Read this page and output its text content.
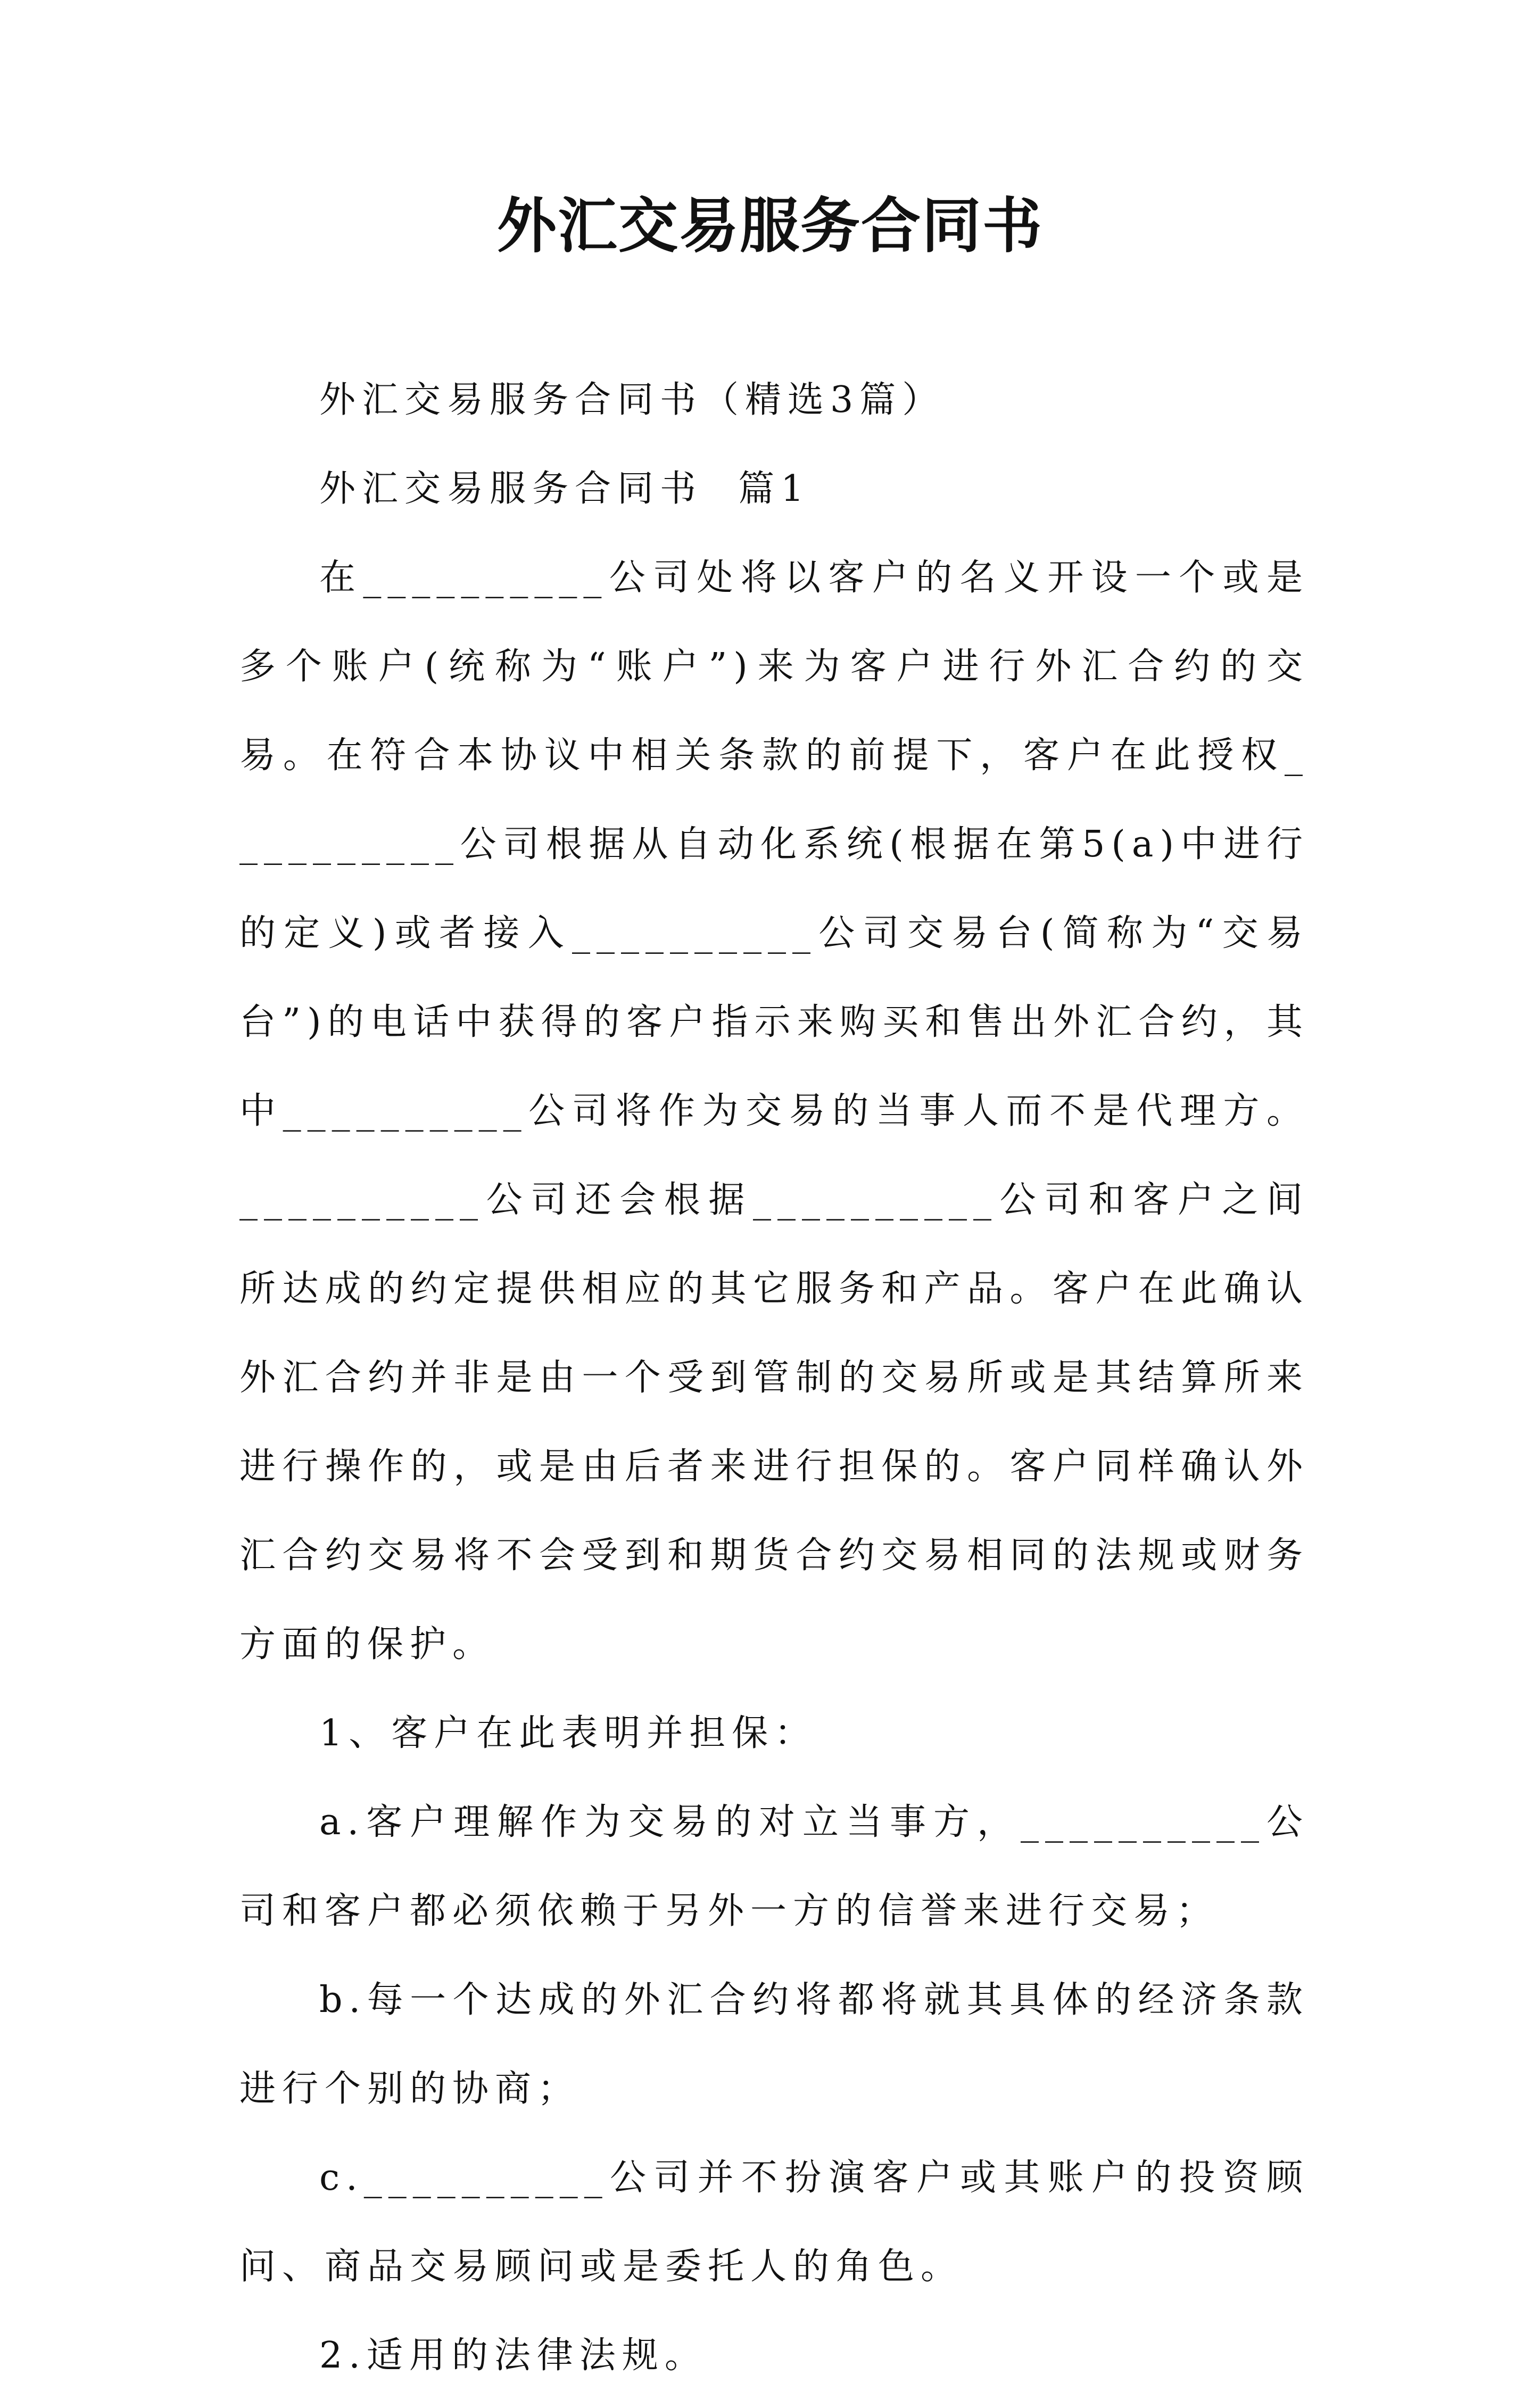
外汇交易服务合同书

外汇交易服务合同书（精选3篇）

外汇交易服务合同书  篇1

在__________公司处将以客户的名义开设一个或是多个账户(统称为“账户”)来为客户进行外汇合约的交易。在符合本协议中相关条款的前提下，客户在此授权__________公司根据从自动化系统(根据在第5(a)中进行的定义)或者接入__________公司交易台(简称为“交易台”)的电话中获得的客户指示来购买和售出外汇合约，其中__________公司将作为交易的当事人而不是代理方。__________公司还会根据__________公司和客户之间所达成的约定提供相应的其它服务和产品。客户在此确认外汇合约并非是由一个受到管制的交易所或是其结算所来进行操作的，或是由后者来进行担保的。客户同样确认外汇合约交易将不会受到和期货合约交易相同的法规或财务方面的保护。

1、客户在此表明并担保：

a.客户理解作为交易的对立当事方，__________公司和客户都必须依赖于另外一方的信誉来进行交易；

b.每一个达成的外汇合约将都将就其具体的经济条款进行个别的协商；

c.__________公司并不扮演客户或其账户的投资顾问、商品交易顾问或是委托人的角色。

2.适用的法律法规。
